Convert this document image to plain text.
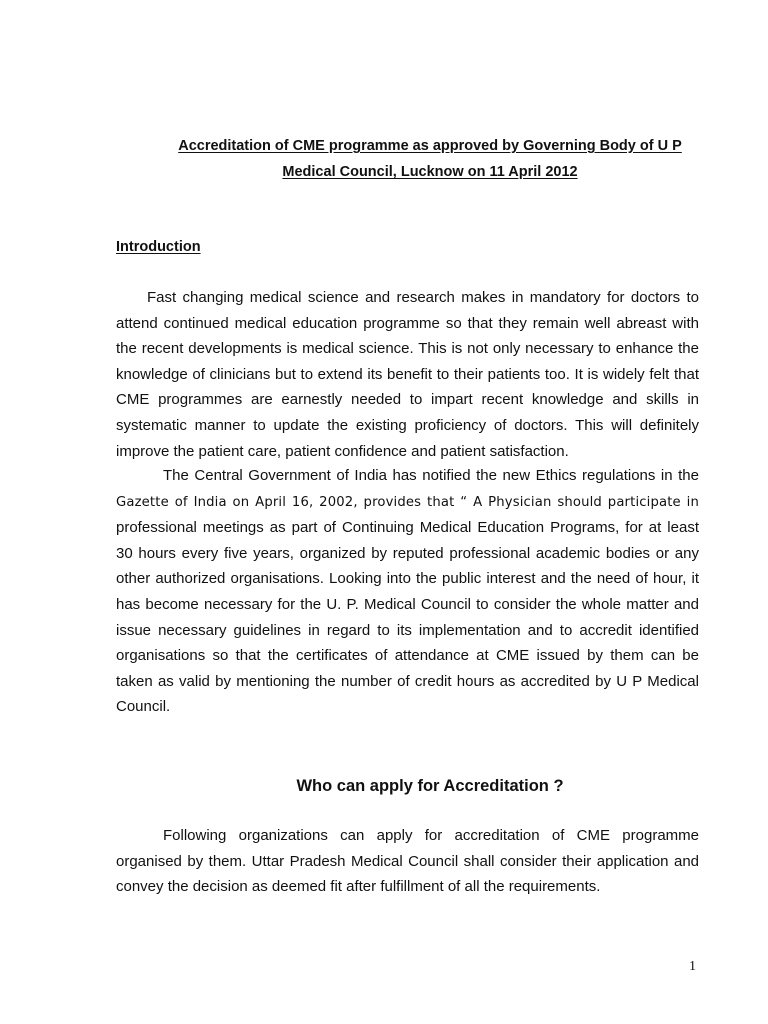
Accreditation of CME programme as approved by Governing Body of U P
Medical Council, Lucknow on 11 April 2012
Introduction

Fast changing medical science and research makes in mandatory for doctors to attend continued medical education programme so that they remain well abreast with the recent developments is medical science. This is not only necessary to enhance the knowledge of clinicians but to extend its benefit to their patients too. It is widely felt that CME programmes are earnestly needed to impart recent knowledge and skills in systematic manner to update the existing proficiency of doctors. This will definitely improve the patient care, patient confidence and patient satisfaction.

The Central Government of India has notified the new Ethics regulations in the Gazette of India on April 16, 2002, provides that “ A Physician should participate in professional meetings as part of Continuing Medical Education Programs, for at least 30 hours every five years, organized by reputed professional academic bodies or any other authorized organisations. Looking into the public interest and the need of hour, it has become necessary for the U. P. Medical Council to consider the whole matter and issue necessary guidelines in regard to its implementation and to accredit identified organisations so that the certificates of attendance at CME issued by them can be taken as valid by mentioning the number of credit hours as accredited by U P Medical Council.

Who can apply for Accreditation ?

Following organizations can apply for accreditation of CME programme organised by them. Uttar Pradesh Medical Council shall consider their application and convey the decision as deemed fit after fulfillment of all the requirements.

1
